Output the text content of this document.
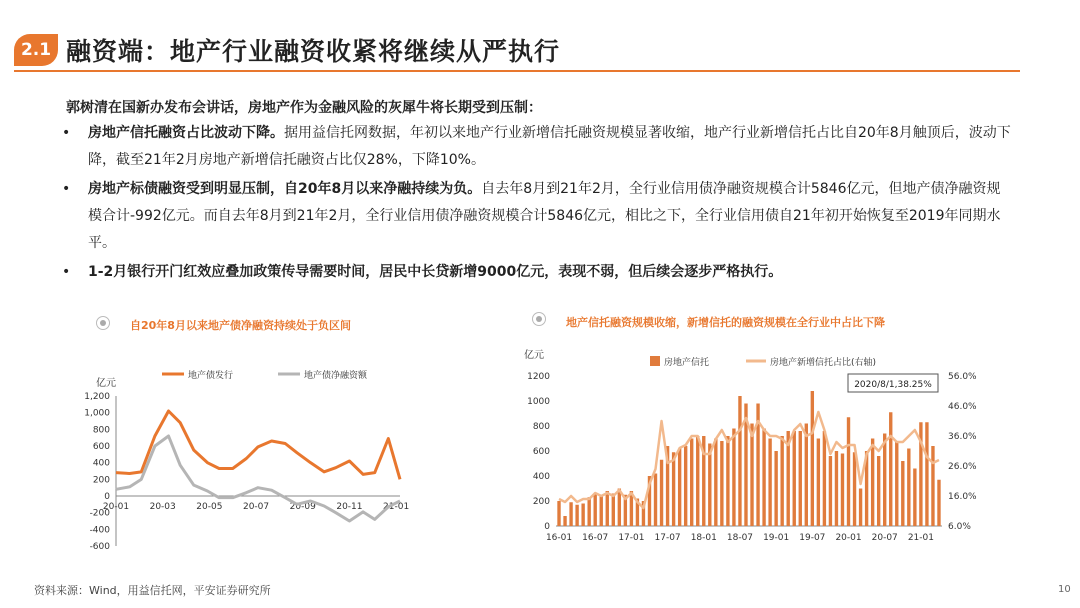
2.1 融资端：地产行业融资收紧将继续从严执行
郭树清在国新办发布会讲话，房地产作为金融风险的灰犀牛将长期受到压制：
• 房地产信托融资占比波动下降。据用益信托网数据，年初以来地产行业新增信托融资规模显著收缩，地产行业新增信托占比自20年8月触顶后，波动下降，截至21年2月房地产新增信托融资占比仅28%，下降10%。
• 房地产标债融资受到明显压制，自20年8月以来净融持续为负。自去年8月到21年2月，全行业信用债净融资规模合计5846亿元，但地产债净融资规模合计-992亿元。而自去年8月到21年2月，全行业信用债净融资规模合计5846亿元，相比之下，全行业信用债自21年初开始恢复至2019年同期水平。
• 1-2月银行开门红效应叠加政策传导需要时间，居民中长贷新增9000亿元，表现不弱，但后续会逐步严格执行。
自20年8月以来地产债净融资持续处于负区间
亿元
1,200
1,000
800
600
400
200
0
-200
-400
-600
20-01 20-03 20-05 20-07 20-09 20-11 21-01
地产债发行	地产债净融资额
地产信托融资规模收缩，新增信托的融资规模在全行业中占比下降
亿元
1200
1000
800
600
400
200
0
56.0%
46.0%
36.0%
26.0%
16.0%
6.0%
16-01 16-07 17-01 17-07 18-01 18-07 19-01 19-07 20-01 20-07 21-01
房地产信托	房地产新增信托占比(右轴)
2020/8/1,38.25%
资料来源：Wind，用益信托网，平安证券研究所	10
